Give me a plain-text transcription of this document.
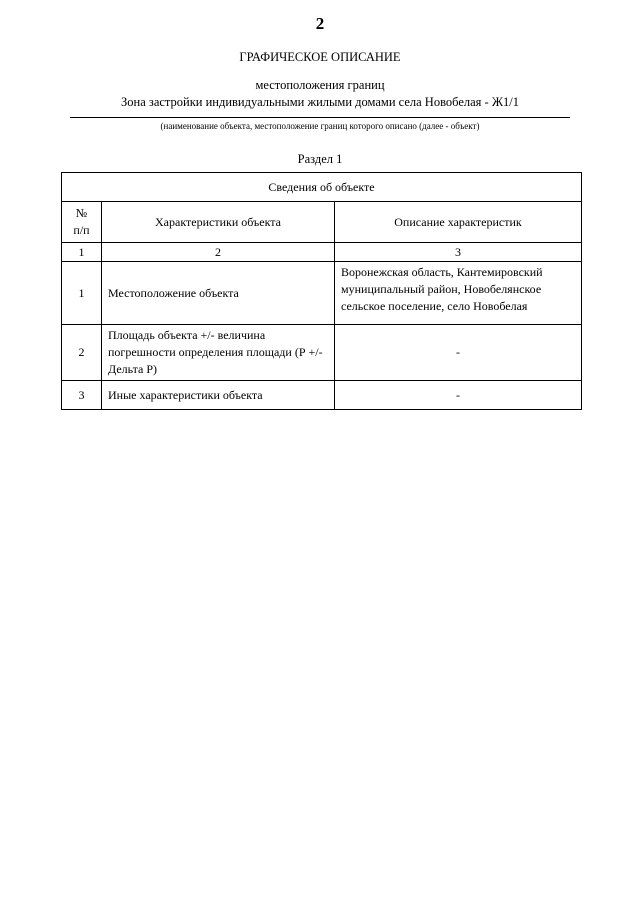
2
ГРАФИЧЕСКОЕ ОПИСАНИЕ
местоположения границ
Зона застройки индивидуальными жилыми домами села Новобелая - Ж1/1
(наименование объекта, местоположение границ которого описано (далее - объект)
Раздел 1
Сведения об объекте		
№
п/п	Характеристики объекта	Описание характеристик
1	2	3
1	Местоположение объекта	Воронежская область, Кантемировский муниципальный район, Новобелянское сельское поселение, село Новобелая
2	Площадь объекта +/- величина погрешности определения площади (Р +/- Дельта Р)	-
3	Иные характеристики объекта	-
